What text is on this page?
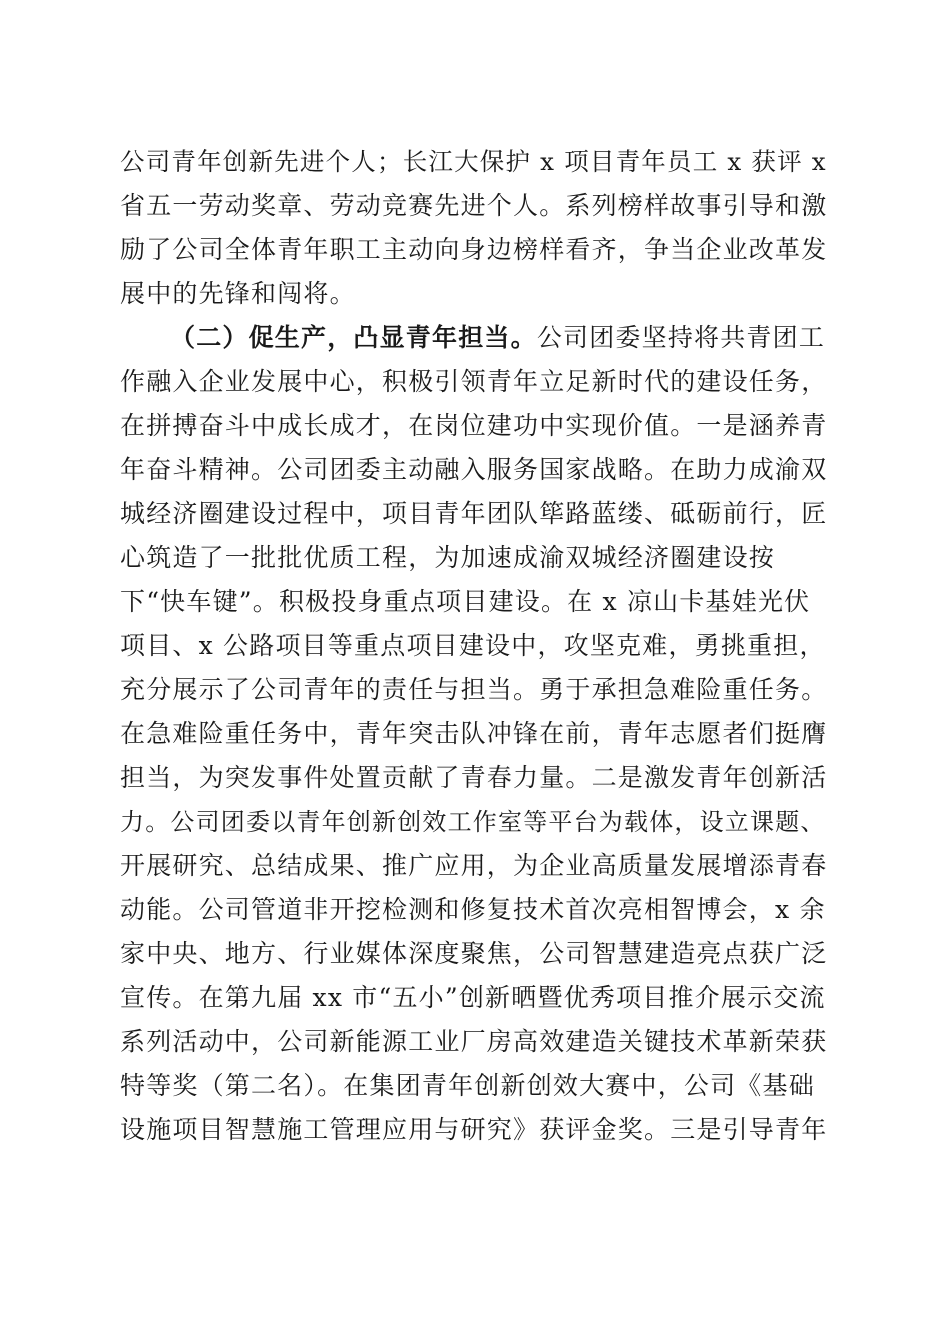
公司青年创新先进个人；长江大保护 x 项目青年员工 x 获评 x
省五一劳动奖章、劳动竞赛先进个人。系列榜样故事引导和激
励了公司全体青年职工主动向身边榜样看齐，争当企业改革发
展中的先锋和闯将。
（二）促生产，凸显青年担当。公司团委坚持将共青团工
作融入企业发展中心，积极引领青年立足新时代的建设任务，
在拼搏奋斗中成长成才，在岗位建功中实现价值。一是涵养青
年奋斗精神。公司团委主动融入服务国家战略。在助力成渝双
城经济圈建设过程中，项目青年团队筚路蓝缕、砥砺前行，匠
心筑造了一批批优质工程，为加速成渝双城经济圈建设按
下“快车键”。积极投身重点项目建设。在 x 凉山卡基娃光伏
项目、x 公路项目等重点项目建设中，攻坚克难，勇挑重担，
充分展示了公司青年的责任与担当。勇于承担急难险重任务。
在急难险重任务中，青年突击队冲锋在前，青年志愿者们挺膺
担当，为突发事件处置贡献了青春力量。二是激发青年创新活
力。公司团委以青年创新创效工作室等平台为载体，设立课题、
开展研究、总结成果、推广应用，为企业高质量发展增添青春
动能。公司管道非开挖检测和修复技术首次亮相智博会，x 余
家中央、地方、行业媒体深度聚焦，公司智慧建造亮点获广泛
宣传。在第九届 xx 市“五小”创新晒暨优秀项目推介展示交流
系列活动中，公司新能源工业厂房高效建造关键技术革新荣获
特等奖（第二名）。在集团青年创新创效大赛中，公司《基础
设施项目智慧施工管理应用与研究》获评金奖。三是引导青年
